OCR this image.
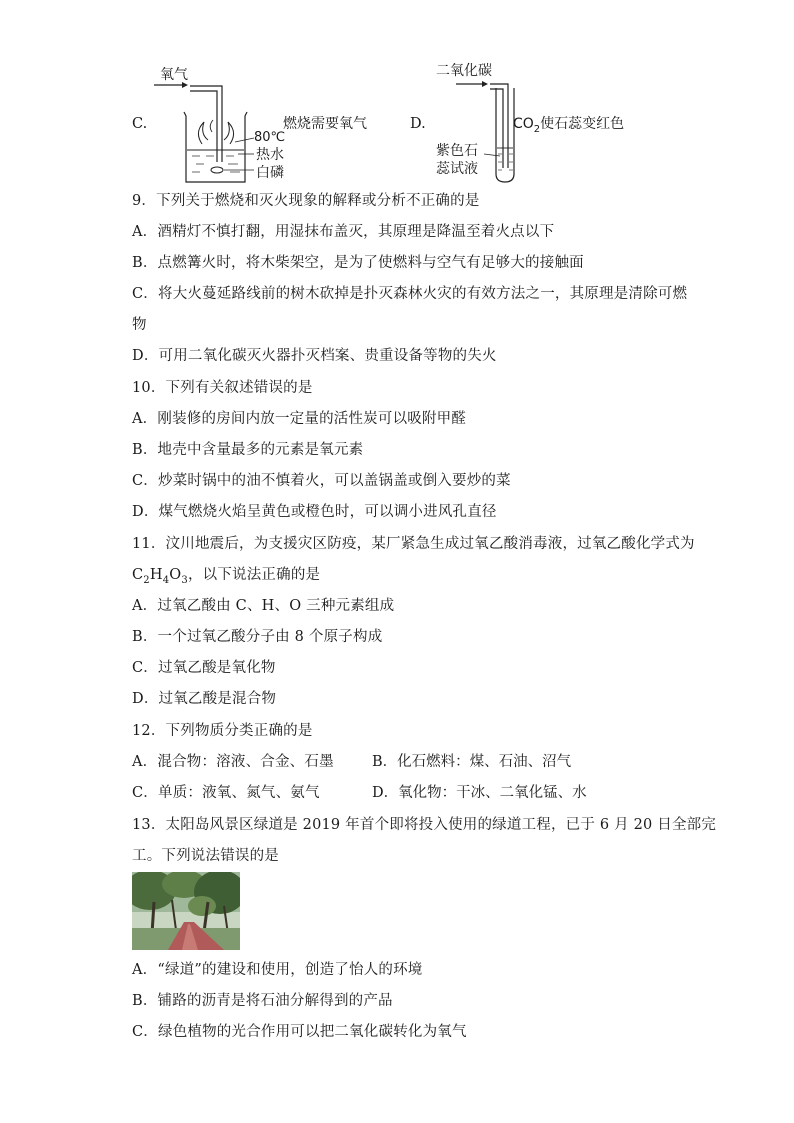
C.
氧气
80℃
热水
白磷
燃烧需要氧气	D.
二氧化碳
紫色石
蕊试液
$CO_2$使石蕊变红色
9．下列关于燃烧和灭火现象的解释或分析不正确的是
A．酒精灯不慎打翻，用湿抹布盖灭，其原理是降温至着火点以下
B．点燃篝火时，将木柴架空，是为了使燃料与空气有足够大的接触面
C．将大火蔓延路线前的树木砍掉是扑灭森林火灾的有效方法之一，其原理是清除可燃
物
D．可用二氧化碳灭火器扑灭档案、贵重设备等物的失火
10．下列有关叙述错误的是
A．刚装修的房间内放一定量的活性炭可以吸附甲醛
B．地壳中含量最多的元素是氧元素
C．炒菜时锅中的油不慎着火，可以盖锅盖或倒入要炒的菜
D．煤气燃烧火焰呈黄色或橙色时，可以调小进风孔直径
11．汶川地震后，为支援灾区防疫，某厂紧急生成过氧乙酸消毒液，过氧乙酸化学式为
$C_2H_4O_3$，以下说法正确的是
A．过氧乙酸由 C、H、O 三种元素组成
B．一个过氧乙酸分子由 8 个原子构成
C．过氧乙酸是氧化物
D．过氧乙酸是混合物
12．下列物质分类正确的是
A．混合物：溶液、合金、石墨	B．化石燃料：煤、石油、沼气
C．单质：液氧、氮气、氨气	D．氧化物：干冰、二氧化锰、水
13．太阳岛风景区绿道是 2019 年首个即将投入使用的绿道工程，已于 6 月 20 日全部完
工。下列说法错误的是
A．“绿道”的建设和使用，创造了怡人的环境
B．铺路的沥青是将石油分解得到的产品
C．绿色植物的光合作用可以把二氧化碳转化为氧气
